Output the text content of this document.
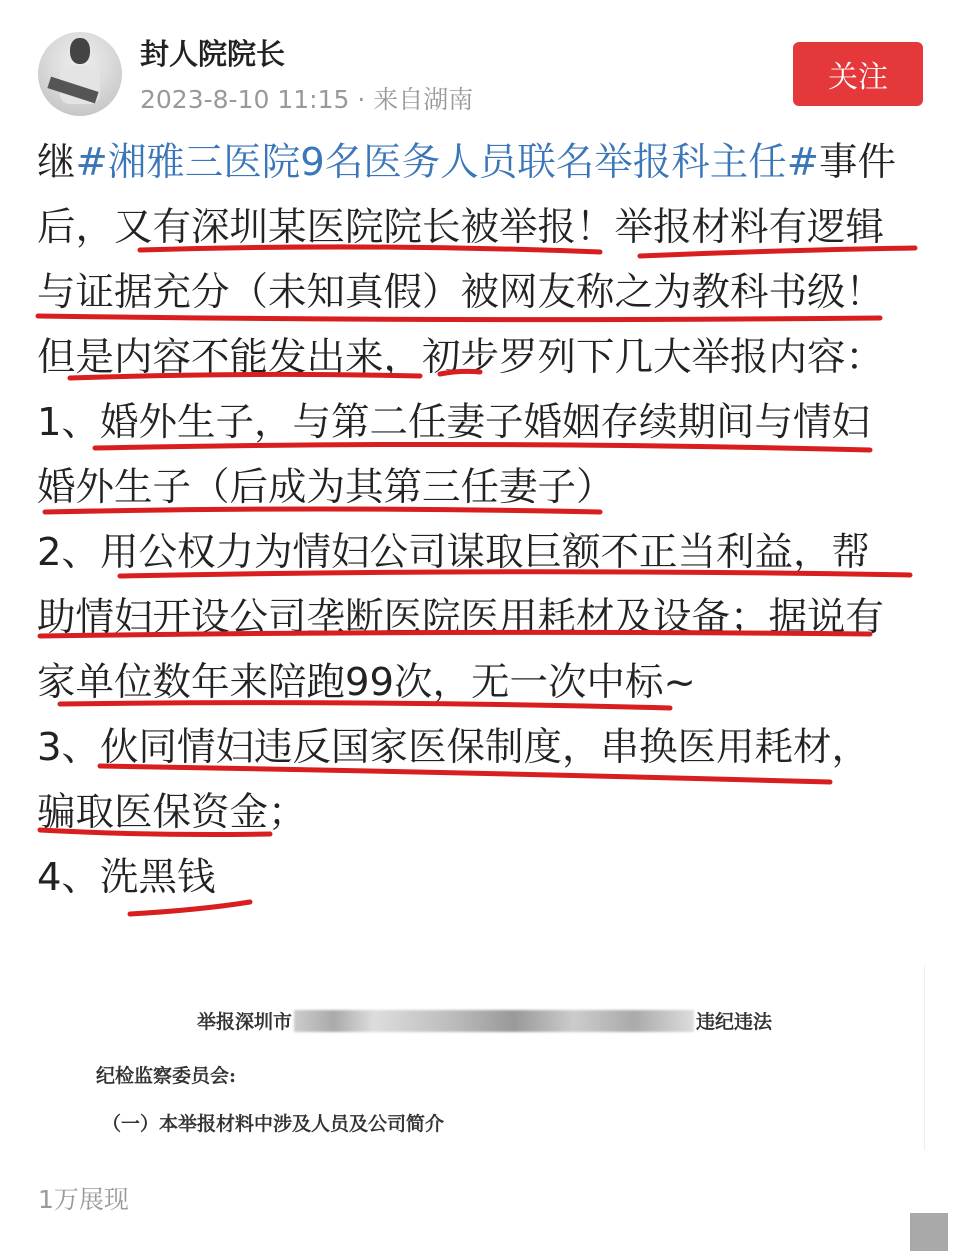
封人院院长
2023-8-10 11:15 · 来自湖南
关注
继#湘雅三医院9名医务人员联名举报科主任#事件
后，又有深圳某医院院长被举报！举报材料有逻辑
与证据充分（未知真假）被网友称之为教科书级！
但是内容不能发出来，初步罗列下几大举报内容：
1、婚外生子，与第二任妻子婚姻存续期间与情妇
婚外生子（后成为其第三任妻子）
2、用公权力为情妇公司谋取巨额不正当利益，帮
助情妇开设公司垄断医院医用耗材及设备；据说有
家单位数年来陪跑99次，无一次中标~
3、伙同情妇违反国家医保制度，串换医用耗材，
骗取医保资金；
4、洗黑钱
举报深圳市	违纪违法
纪检监察委员会:
（一）本举报材料中涉及人员及公司简介
1万展现
